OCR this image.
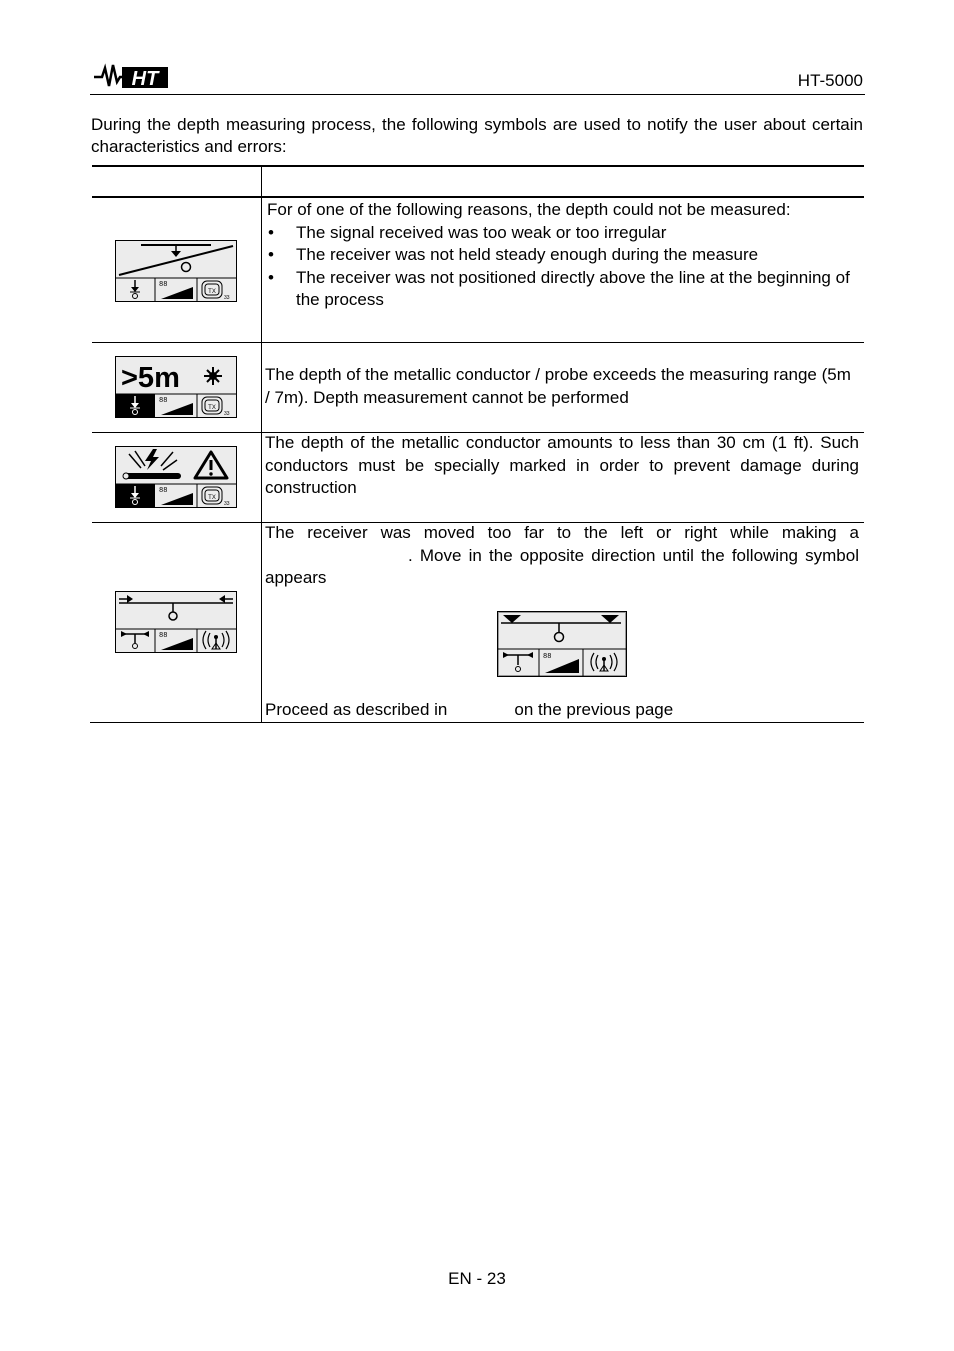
HT	HT-5000
During the depth measuring process, the following symbols are used to notify the user about certain characteristics and errors:
88
TX
33
For of one of the following reasons, the depth could not be measured:
• The signal received was too weak or too irregular
• The receiver was not held steady enough during the measure
• The receiver was not positioned directly above the line at the beginning of the process
>5m
88
TX
33
The depth of the metallic conductor / probe exceeds the measuring range (5m / 7m). Depth measurement cannot be performed
88
TX
33
The depth of the metallic conductor amounts to less than 30 cm (1 ft). Such conductors must be specially marked in order to prevent damage during construction
88
The receiver was moved too far to the left or right while making a. Move in the opposite direction until the following symbol appears
88
Proceed as described in	on the previous page
EN - 23
